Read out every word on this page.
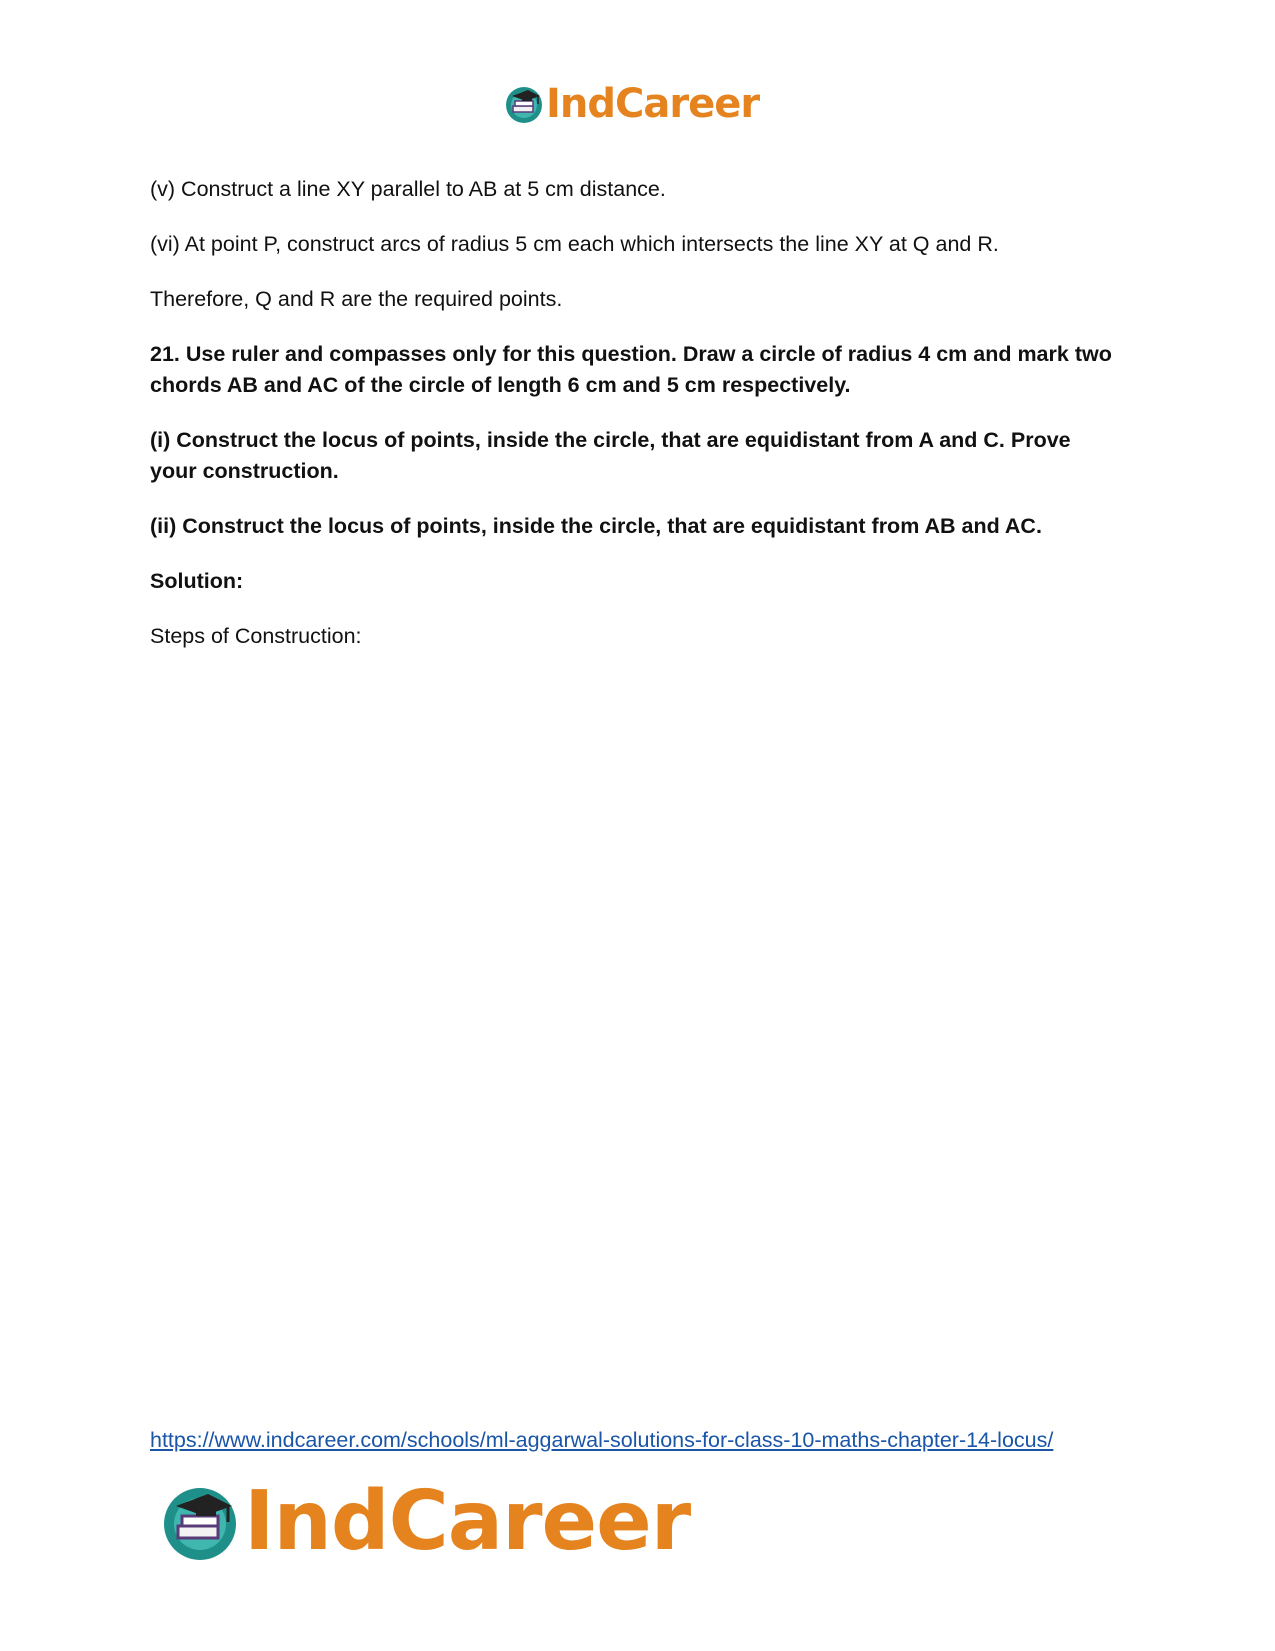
IndCareer

(v) Construct a line XY parallel to AB at 5 cm distance.

(vi) At point P, construct arcs of radius 5 cm each which intersects the line XY at Q and R.

Therefore, Q and R are the required points.

21. Use ruler and compasses only for this question. Draw a circle of radius 4 cm and mark two chords AB and AC of the circle of length 6 cm and 5 cm respectively.

(i) Construct the locus of points, inside the circle, that are equidistant from A and C. Prove your construction.

(ii) Construct the locus of points, inside the circle, that are equidistant from AB and AC.

Solution:

Steps of Construction:

https://www.indcareer.com/schools/ml-aggarwal-solutions-for-class-10-maths-chapter-14-locus/
IndCareer
